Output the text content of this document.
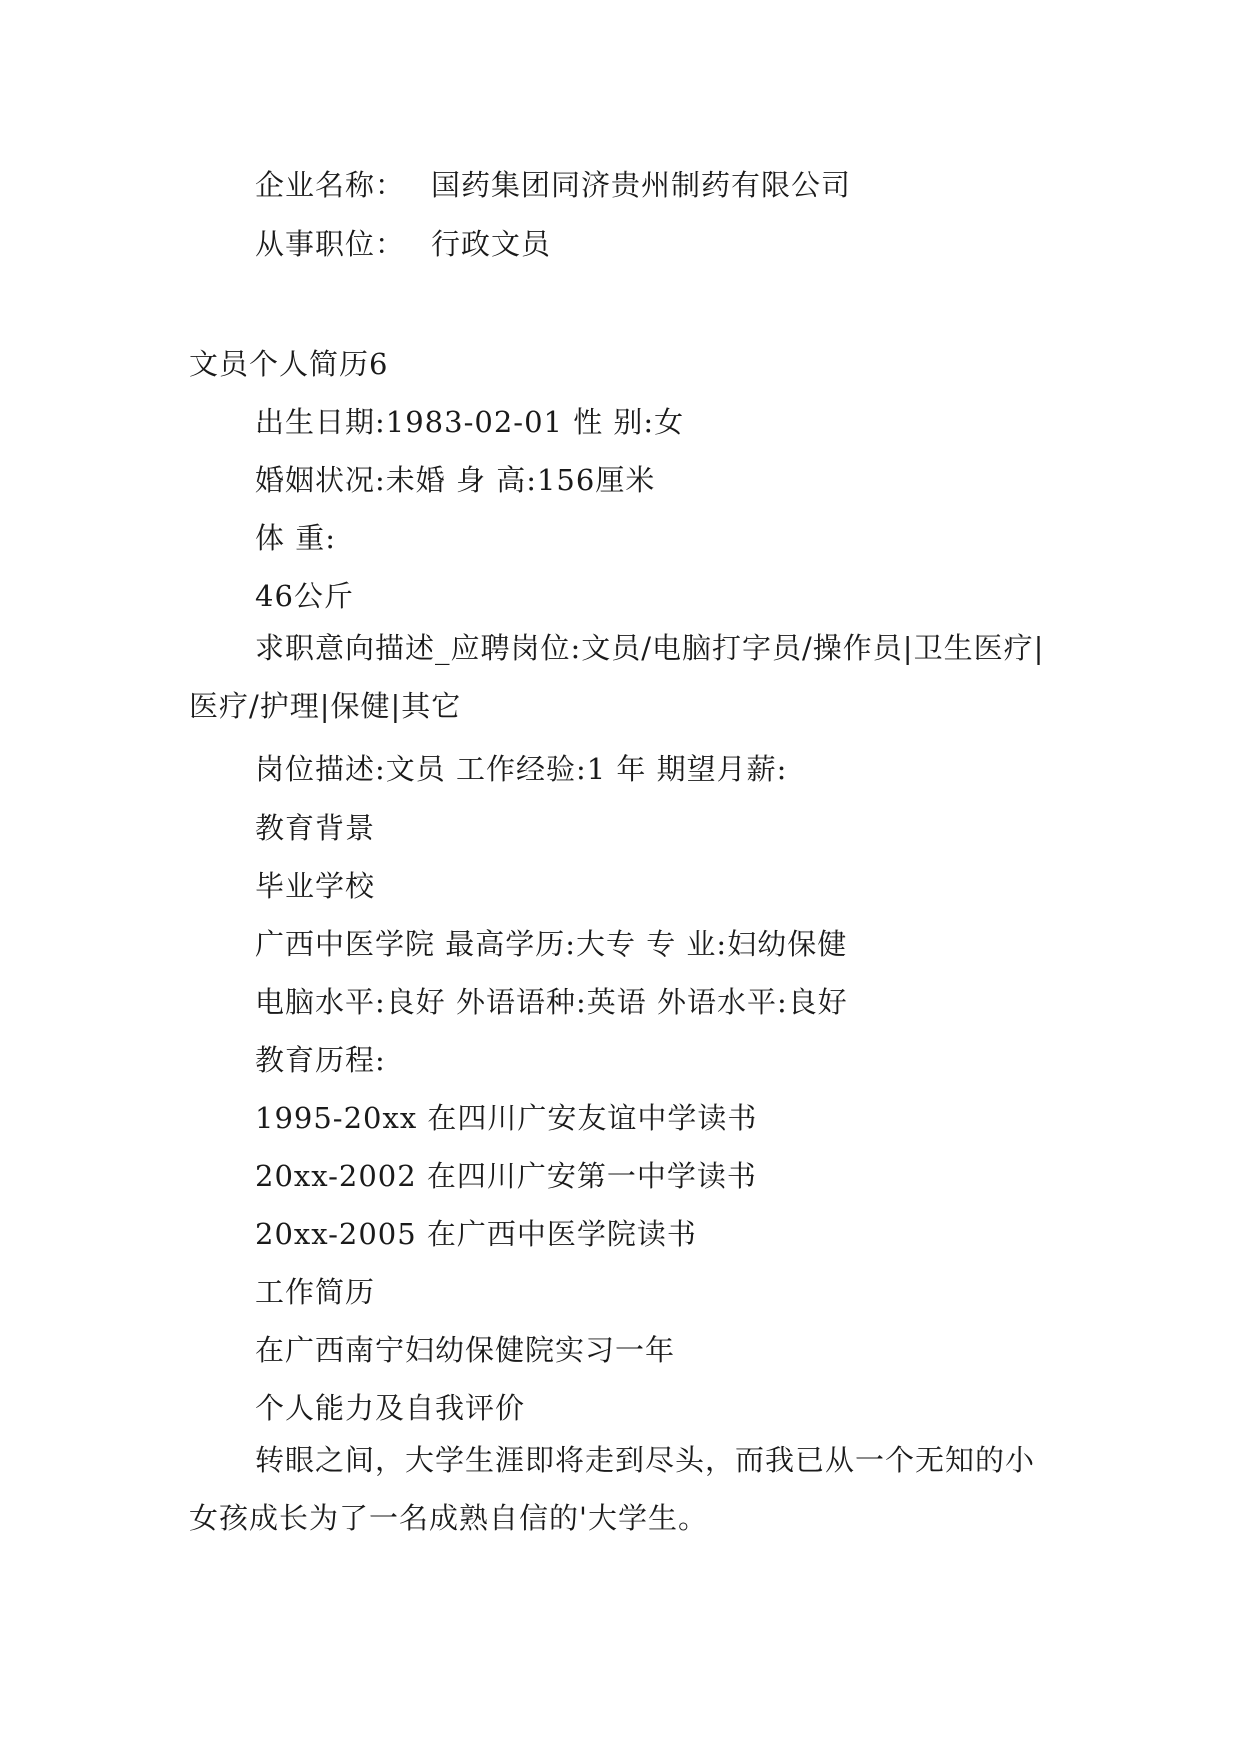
企业名称： 国药集团同济贵州制药有限公司
从事职位： 行政文员
文员个人简历6
出生日期:1983-02-01 性 别:女
婚姻状况:未婚 身 高:156厘米
体 重:
46公斤
求职意向描述_应聘岗位:文员/电脑打字员/操作员|卫生医疗|医疗/护理|保健|其它
岗位描述:文员 工作经验:1 年 期望月薪:
教育背景
毕业学校
广西中医学院 最高学历:大专 专 业:妇幼保健
电脑水平:良好 外语语种:英语 外语水平:良好
教育历程:
1995-20xx 在四川广安友谊中学读书
20xx-2002 在四川广安第一中学读书
20xx-2005 在广西中医学院读书
工作简历
在广西南宁妇幼保健院实习一年
个人能力及自我评价
转眼之间，大学生涯即将走到尽头，而我已从一个无知的小女孩成长为了一名成熟自信的'大学生。
